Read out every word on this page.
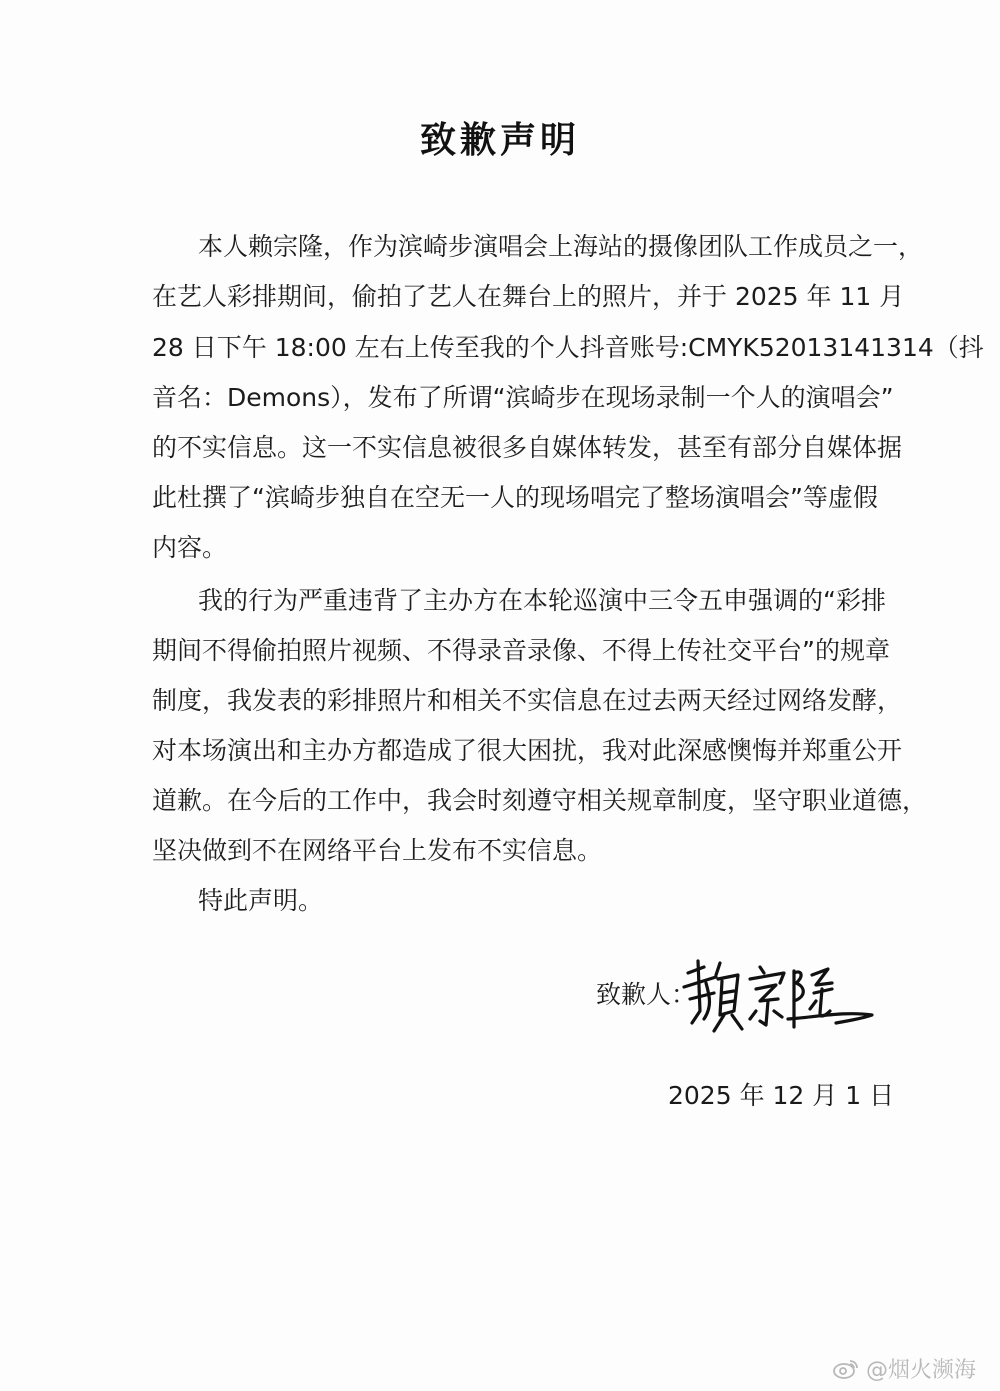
致歉声明
本人赖宗隆，作为滨崎步演唱会上海站的摄像团队工作成员之一，
在艺人彩排期间，偷拍了艺人在舞台上的照片，并于 2025 年 11 月
28 日下午 18:00 左右上传至我的个人抖音账号:CMYK52013141314（抖
音名：Demons），发布了所谓“滨崎步在现场录制一个人的演唱会”
的不实信息。这一不实信息被很多自媒体转发，甚至有部分自媒体据
此杜撰了“滨崎步独自在空无一人的现场唱完了整场演唱会”等虚假
内容。
我的行为严重违背了主办方在本轮巡演中三令五申强调的“彩排
期间不得偷拍照片视频、不得录音录像、不得上传社交平台”的规章
制度，我发表的彩排照片和相关不实信息在过去两天经过网络发酵，
对本场演出和主办方都造成了很大困扰，我对此深感懊悔并郑重公开
道歉。在今后的工作中，我会时刻遵守相关规章制度，坚守职业道德，
坚决做到不在网络平台上发布不实信息。
特此声明。
致歉人：
2025 年 12 月 1 日
@烟火濒海
